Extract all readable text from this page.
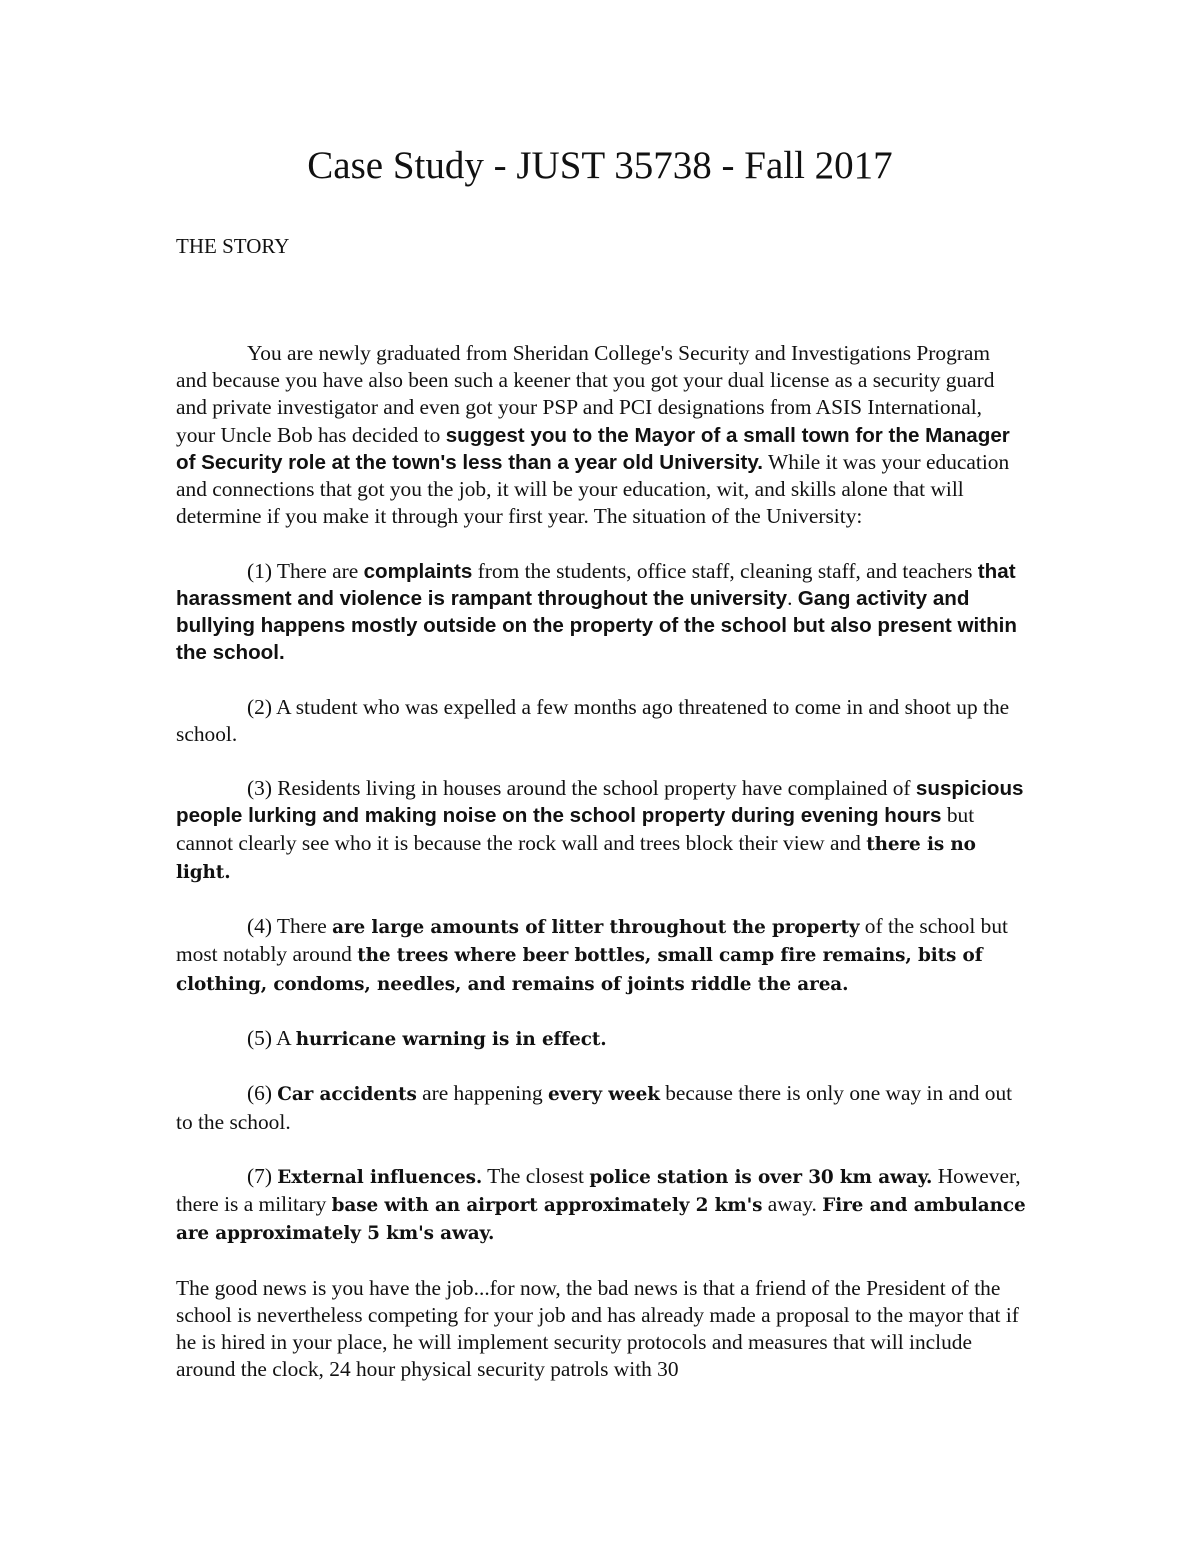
Case Study - JUST 35738 - Fall 2017
THE STORY

You are newly graduated from Sheridan College's Security and Investigations Program and because you have also been such a keener that you got your dual license as a security guard and private investigator and even got your PSP and PCI designations from ASIS International, your Uncle Bob has decided to suggest you to the Mayor of a small town for the Manager of Security role at the town's less than a year old University. While it was your education and connections that got you the job, it will be your education, wit, and skills alone that will determine if you make it through your first year. The situation of the University:

(1) There are complaints from the students, office staff, cleaning staff, and teachers that harassment and violence is rampant throughout the university. Gang activity and bullying happens mostly outside on the property of the school but also present within the school.

(2) A student who was expelled a few months ago threatened to come in and shoot up the school.

(3) Residents living in houses around the school property have complained of suspicious people lurking and making noise on the school property during evening hours but cannot clearly see who it is because the rock wall and trees block their view and there is no light.

(4) There are large amounts of litter throughout the property of the school but most notably around the trees where beer bottles, small camp fire remains, bits of clothing, condoms, needles, and remains of joints riddle the area.

(5) A hurricane warning is in effect.

(6) Car accidents are happening every week because there is only one way in and out to the school.

(7) External influences. The closest police station is over 30 km away. However, there is a military base with an airport approximately 2 km's away. Fire and ambulance are approximately 5 km's away.

The good news is you have the job...for now, the bad news is that a friend of the President of the school is nevertheless competing for your job and has already made a proposal to the mayor that if he is hired in your place, he will implement security protocols and measures that will include around the clock, 24 hour physical security patrols with 30
